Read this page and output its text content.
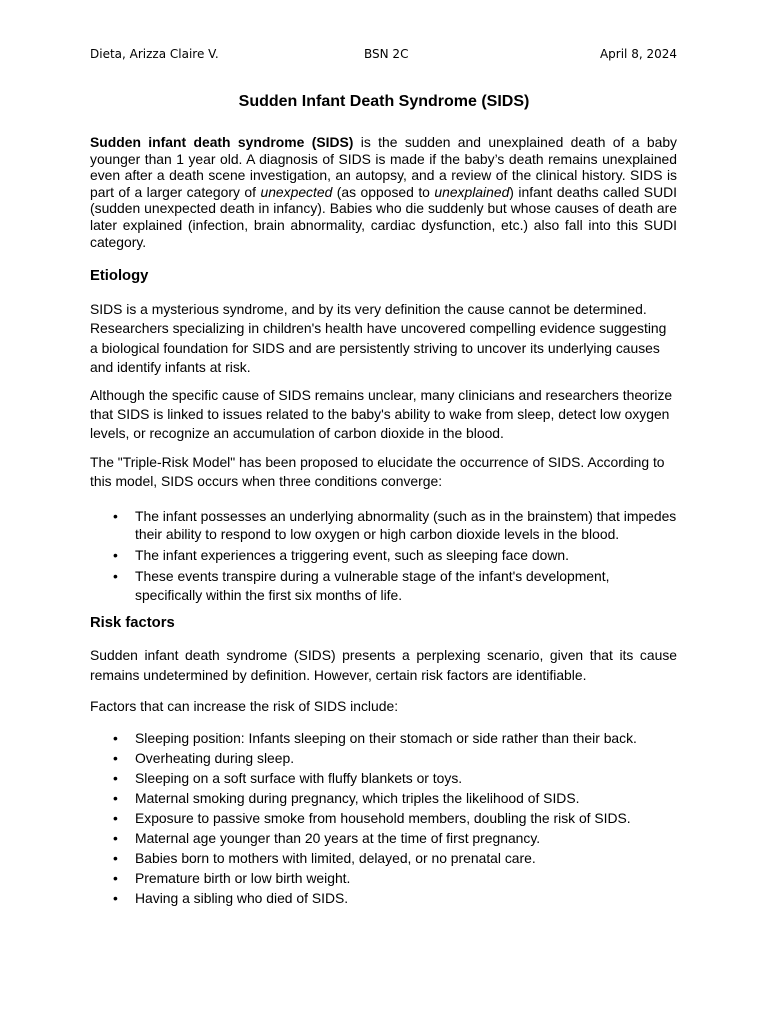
Dieta, Arizza Claire V.	BSN 2C	April 8, 2024
Sudden Infant Death Syndrome (SIDS)

Sudden infant death syndrome (SIDS) is the sudden and unexplained death of a baby younger than 1 year old. A diagnosis of SIDS is made if the baby’s death remains unexplained even after a death scene investigation, an autopsy, and a review of the clinical history. SIDS is part of a larger category of unexpected (as opposed to unexplained) infant deaths called SUDI (sudden unexpected death in infancy). Babies who die suddenly but whose causes of death are later explained (infection, brain abnormality, cardiac dysfunction, etc.) also fall into this SUDI category.

Etiology

SIDS is a mysterious syndrome, and by its very definition the cause cannot be determined. Researchers specializing in children's health have uncovered compelling evidence suggesting a biological foundation for SIDS and are persistently striving to uncover its underlying causes and identify infants at risk.

Although the specific cause of SIDS remains unclear, many clinicians and researchers theorize that SIDS is linked to issues related to the baby's ability to wake from sleep, detect low oxygen levels, or recognize an accumulation of carbon dioxide in the blood.

The "Triple-Risk Model" has been proposed to elucidate the occurrence of SIDS. According to this model, SIDS occurs when three conditions converge:

• The infant possesses an underlying abnormality (such as in the brainstem) that impedes their ability to respond to low oxygen or high carbon dioxide levels in the blood.
• The infant experiences a triggering event, such as sleeping face down.
• These events transpire during a vulnerable stage of the infant's development, specifically within the first six months of life.
Risk factors

Sudden infant death syndrome (SIDS) presents a perplexing scenario, given that its cause remains undetermined by definition. However, certain risk factors are identifiable.

Factors that can increase the risk of SIDS include:

• Sleeping position: Infants sleeping on their stomach or side rather than their back.
• Overheating during sleep.
• Sleeping on a soft surface with fluffy blankets or toys.
• Maternal smoking during pregnancy, which triples the likelihood of SIDS.
• Exposure to passive smoke from household members, doubling the risk of SIDS.
• Maternal age younger than 20 years at the time of first pregnancy.
• Babies born to mothers with limited, delayed, or no prenatal care.
• Premature birth or low birth weight.
• Having a sibling who died of SIDS.
